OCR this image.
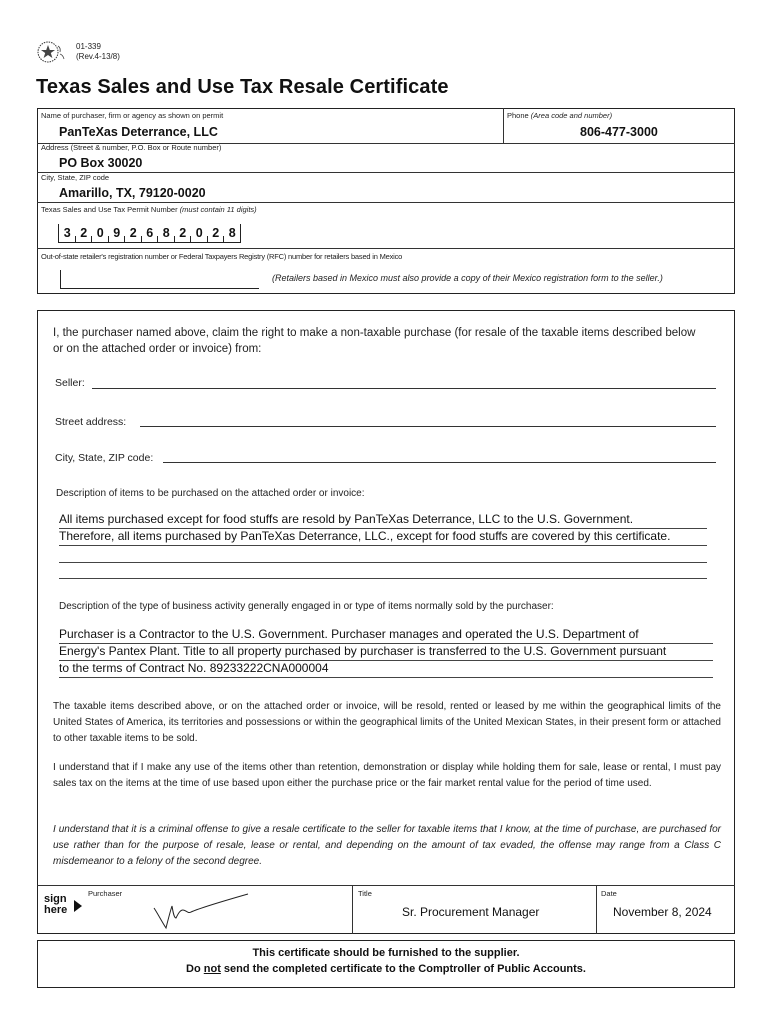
01-339
(Rev.4-13/8)
Texas Sales and Use Tax Resale Certificate
Name of purchaser, firm or agency as shown on permit
PanTeXas Deterrance, LLC
Phone (Area code and number)
806-477-3000
Address (Street & number, P.O. Box or Route number)
PO Box 30020
City, State, ZIP code
Amarillo, TX, 79120-0020
Texas Sales and Use Tax Permit Number (must contain 11 digits)
3 2 0 9 2 6 8 2 0 2 8
Out-of-state retailer's registration number or Federal Taxpayers Registry (RFC) number for retailers based in Mexico
(Retailers based in Mexico must also provide a copy of their Mexico registration form to the seller.)
I, the purchaser named above, claim the right to make a non-taxable purchase (for resale of the taxable items described below or on the attached order or invoice) from:
Seller:
Street address:
City, State, ZIP code:
Description of items to be purchased on the attached order or invoice:
All items purchased except for food stuffs are resold by PanTeXas Deterrance, LLC to the U.S. Government.
Therefore, all items purchased by PanTeXas Deterrance, LLC., except for food stuffs are covered by this certificate.
Description of the type of business activity generally engaged in or type of items normally sold by the purchaser:
Purchaser is a Contractor to the U.S. Government. Purchaser manages and operated the U.S. Department of
Energy's Pantex Plant. Title to all property purchased by purchaser is transferred to the U.S. Government pursuant
to the terms of Contract No. 89233222CNA000004
The taxable items described above, or on the attached order or invoice, will be resold, rented or leased by me within the geographical limits of the United States of America, its territories and possessions or within the geographical limits of the United Mexican States, in their present form or attached to other taxable items to be sold.
I understand that if I make any use of the items other than retention, demonstration or display while holding them for sale, lease or rental, I must pay sales tax on the items at the time of use based upon either the purchase price or the fair market rental value for the period of time used.
I understand that it is a criminal offense to give a resale certificate to the seller for taxable items that I know, at the time of purchase, are purchased for use rather than for the purpose of resale, lease or rental, and depending on the amount of tax evaded, the offense may range from a Class C misdemeanor to a felony of the second degree.
sign
here
Purchaser	Title
Sr. Procurement Manager
Date
November 8, 2024
This certificate should be furnished to the supplier.
Do not send the completed certificate to the Comptroller of Public Accounts.
